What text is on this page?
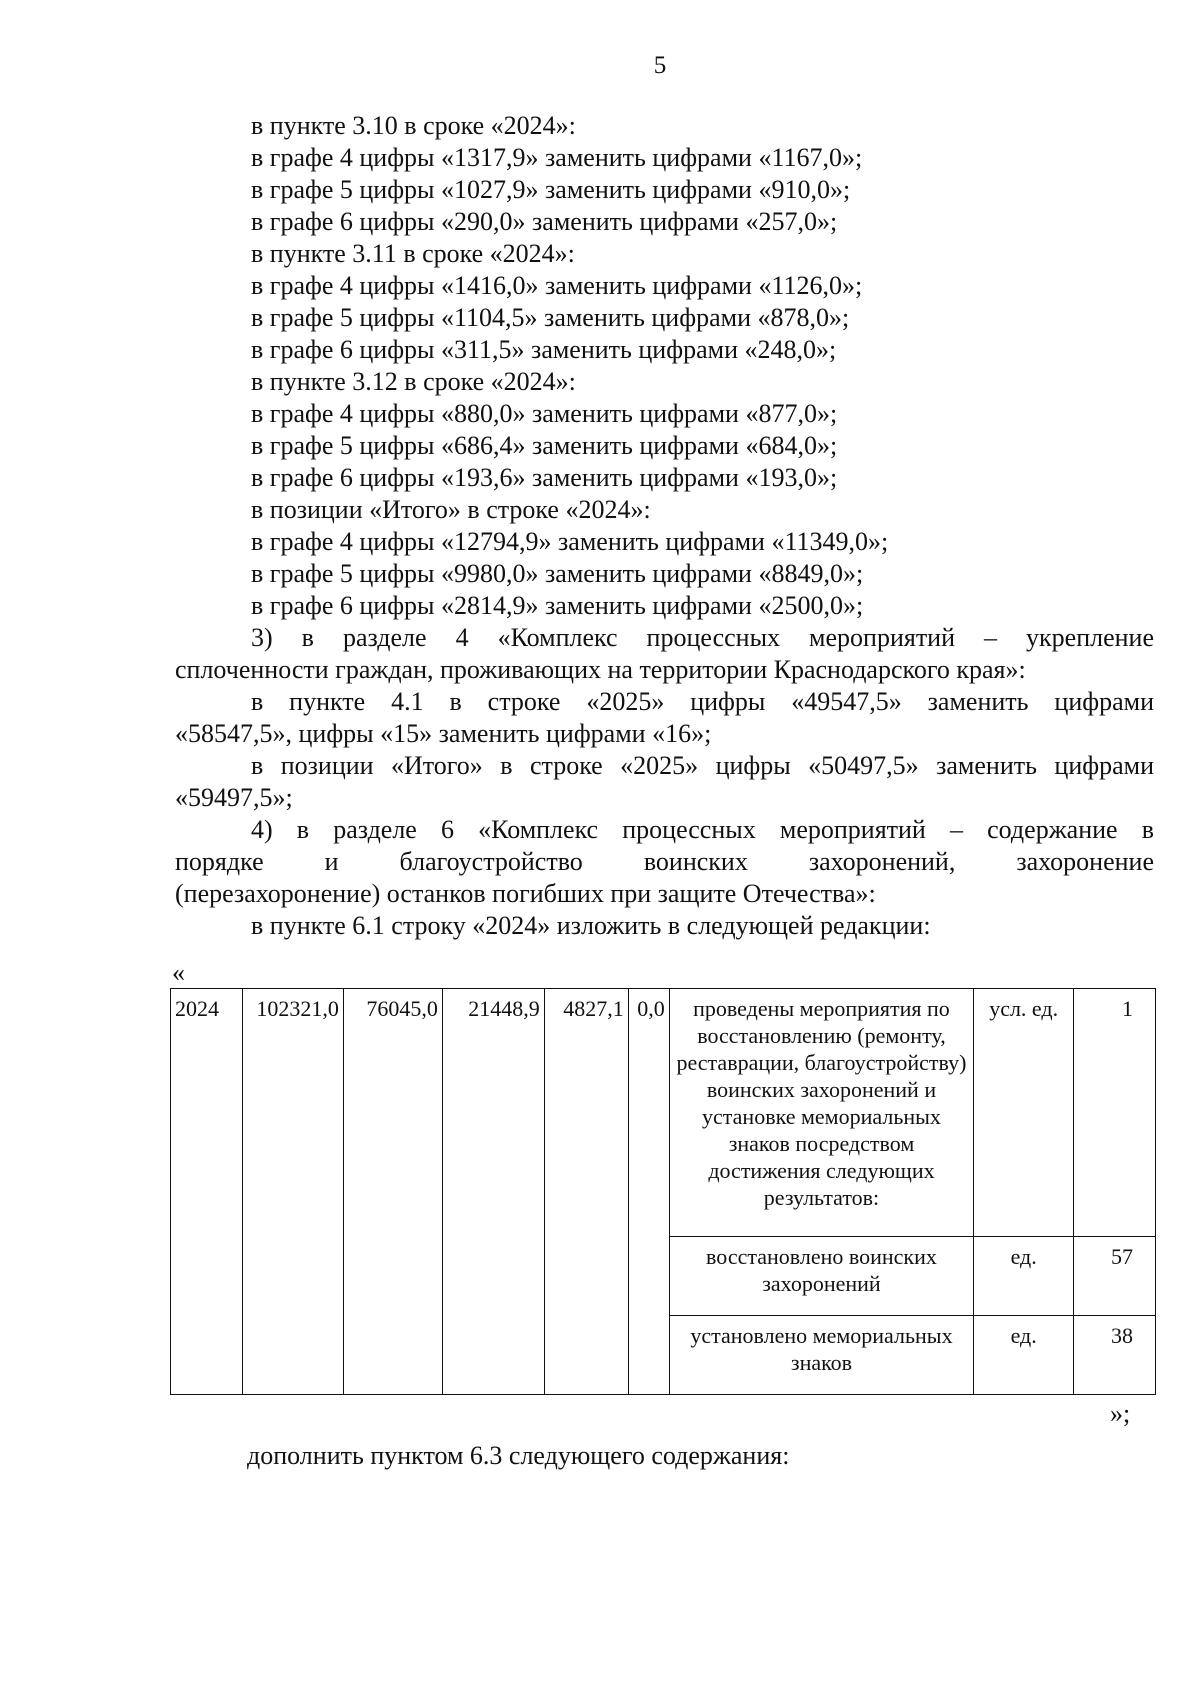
5
в пункте 3.10 в сроке «2024»:
в графе 4 цифры «1317,9» заменить цифрами «1167,0»;
в графе 5 цифры «1027,9» заменить цифрами «910,0»;
в графе 6 цифры «290,0» заменить цифрами «257,0»;
в пункте 3.11 в сроке «2024»:
в графе 4 цифры «1416,0» заменить цифрами «1126,0»;
в графе 5 цифры «1104,5» заменить цифрами «878,0»;
в графе 6 цифры «311,5» заменить цифрами «248,0»;
в пункте 3.12 в сроке «2024»:
в графе 4 цифры «880,0» заменить цифрами «877,0»;
в графе 5 цифры «686,4» заменить цифрами «684,0»;
в графе 6 цифры «193,6» заменить цифрами «193,0»;
в позиции «Итого» в строке «2024»:
в графе 4 цифры «12794,9» заменить цифрами «11349,0»;
в графе 5 цифры «9980,0» заменить цифрами «8849,0»;
в графе 6 цифры «2814,9» заменить цифрами «2500,0»;
3) в разделе 4 «Комплекс процессных мероприятий – укрепление
сплоченности граждан, проживающих на территории Краснодарского края»:
в пункте 4.1 в строке «2025» цифры «49547,5» заменить цифрами
«58547,5», цифры «15» заменить цифрами «16»;
в позиции «Итого» в строке «2025» цифры «50497,5» заменить цифрами
«59497,5»;
4) в разделе 6 «Комплекс процессных мероприятий – содержание в
порядке и благоустройство воинских захоронений, захоронение
(перезахоронение) останков погибших при защите Отечества»:
в пункте 6.1 строку «2024» изложить в следующей редакции:
«
2024	102321,0	76045,0	21448,9	4827,1	0,0	проведены мероприятия по восстановлению (ремонту, реставрации, благоустройству) воинских захоронений и установке мемориальных знаков посредством достижения следующих результатов:	усл. ед.	1
						восстановлено воинских захоронений	ед.	57
						установлено мемориальных знаков	ед.	38
»;
дополнить пунктом 6.3 следующего содержания:
